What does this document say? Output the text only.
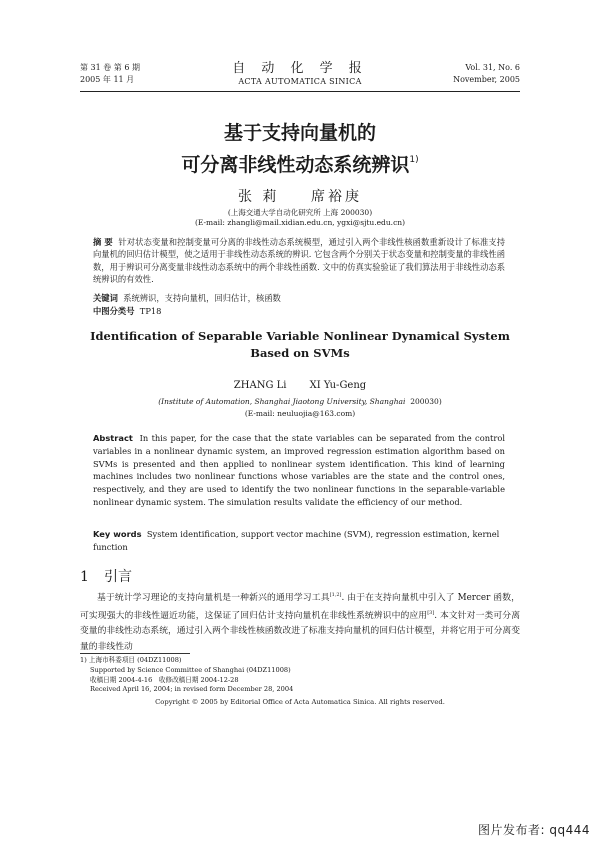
第 31 卷 第 6 期
2005 年 11 月
自 动 化 学 报
ACTA AUTOMATICA SINICA
Vol. 31, No. 6
November, 2005
基于支持向量机的
可分离非线性动态系统辨识$^{1)}$
张 莉 席裕庚
(上海交通大学自动化研究所 上海 200030)
(E-mail: zhangli@mail.xidian.edu.cn, ygxi@sjtu.edu.cn)
摘 要 针对状态变量和控制变量可分离的非线性动态系统模型，通过引入两个非线性核函数重新设计了标准支持向量机的回归估计模型，使之适用于非线性动态系统的辨识. 它包含两个分别关于状态变量和控制变量的非线性函数，用于辨识可分离变量非线性动态系统中的两个非线性函数. 文中的仿真实验验证了我们算法用于非线性动态系统辨识的有效性.
关键词 系统辨识，支持向量机，回归估计，核函数
中图分类号 TP18
Identification of Separable Variable Nonlinear Dynamical System
Based on SVMs
ZHANG Li XI Yu-Geng
(Institute of Automation, Shanghai Jiaotong University, Shanghai 200030)
(E-mail: neuluojia@163.com)
Abstract In this paper, for the case that the state variables can be separated from the control variables in a nonlinear dynamic system, an improved regression estimation algorithm based on SVMs is presented and then applied to nonlinear system identification. This kind of learning machines includes two nonlinear functions whose variables are the state and the control ones, respectively, and they are used to identify the two nonlinear functions in the separable-variable nonlinear dynamic system. The simulation results validate the efficiency of our method.
Key words System identification, support vector machine (SVM), regression estimation, kernel function
1 引言
基于统计学习理论的支持向量机是一种新兴的通用学习工具[1,2]. 由于在支持向量机中引入了 Mercer 函数，可实现强大的非线性逼近功能，这保证了回归估计支持向量机在非线性系统辨识中的应用[3]. 本文针对一类可分离变量的非线性动态系统，通过引入两个非线性核函数改进了标准支持向量机的回归估计模型，并将它用于可分离变量的非线性动
1) 上海市科委项目 (04DZ11008)
Supported by Science Committee of Shanghai (04DZ11008)
收稿日期 2004-4-16　收修改稿日期 2004-12-28
Received April 16, 2004; in revised form December 28, 2004
Copyright © 2005 by Editorial Office of Acta Automatica Sinica. All rights reserved.
图片发布者: qq444
